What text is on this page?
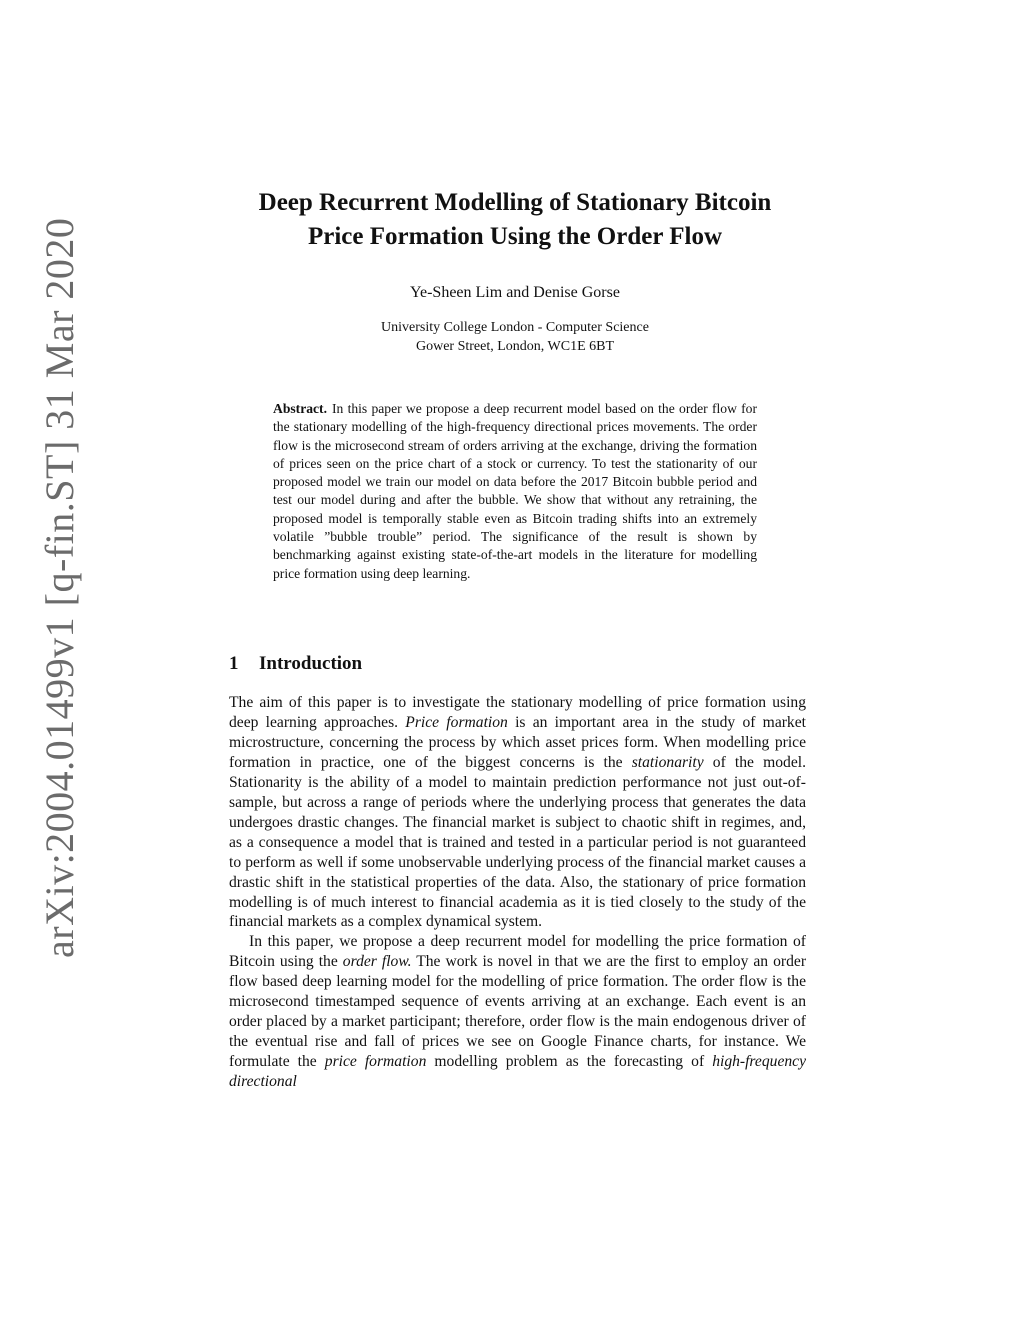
arXiv:2004.01499v1 [q-fin.ST] 31 Mar 2020
Deep Recurrent Modelling of Stationary Bitcoin
Price Formation Using the Order Flow
Ye-Sheen Lim and Denise Gorse
University College London - Computer Science
Gower Street, London, WC1E 6BT

Abstract. In this paper we propose a deep recurrent model based on the order flow for the stationary modelling of the high-frequency directional prices movements. The order flow is the microsecond stream of orders arriving at the exchange, driving the formation of prices seen on the price chart of a stock or currency. To test the stationarity of our proposed model we train our model on data before the 2017 Bitcoin bubble period and test our model during and after the bubble. We show that without any retraining, the proposed model is temporally stable even as Bitcoin trading shifts into an extremely volatile ”bubble trouble” period. The significance of the result is shown by benchmarking against existing state-of-the-art models in the literature for modelling price formation using deep learning.

1 Introduction

The aim of this paper is to investigate the stationary modelling of price formation using deep learning approaches. Price formation is an important area in the study of market microstructure, concerning the process by which asset prices form. When modelling price formation in practice, one of the biggest concerns is the stationarity of the model. Stationarity is the ability of a model to maintain prediction performance not just out-of-sample, but across a range of periods where the underlying process that generates the data undergoes drastic changes. The financial market is subject to chaotic shift in regimes, and, as a consequence a model that is trained and tested in a particular period is not guaranteed to perform as well if some unobservable underlying process of the financial market causes a drastic shift in the statistical properties of the data. Also, the stationary of price formation modelling is of much interest to financial academia as it is tied closely to the study of the financial markets as a complex dynamical system.

In this paper, we propose a deep recurrent model for modelling the price formation of Bitcoin using the order flow. The work is novel in that we are the first to employ an order flow based deep learning model for the modelling of price formation. The order flow is the microsecond timestamped sequence of events arriving at an exchange. Each event is an order placed by a market participant; therefore, order flow is the main endogenous driver of the eventual rise and fall of prices we see on Google Finance charts, for instance. We formulate the price formation modelling problem as the forecasting of high-frequency directional
